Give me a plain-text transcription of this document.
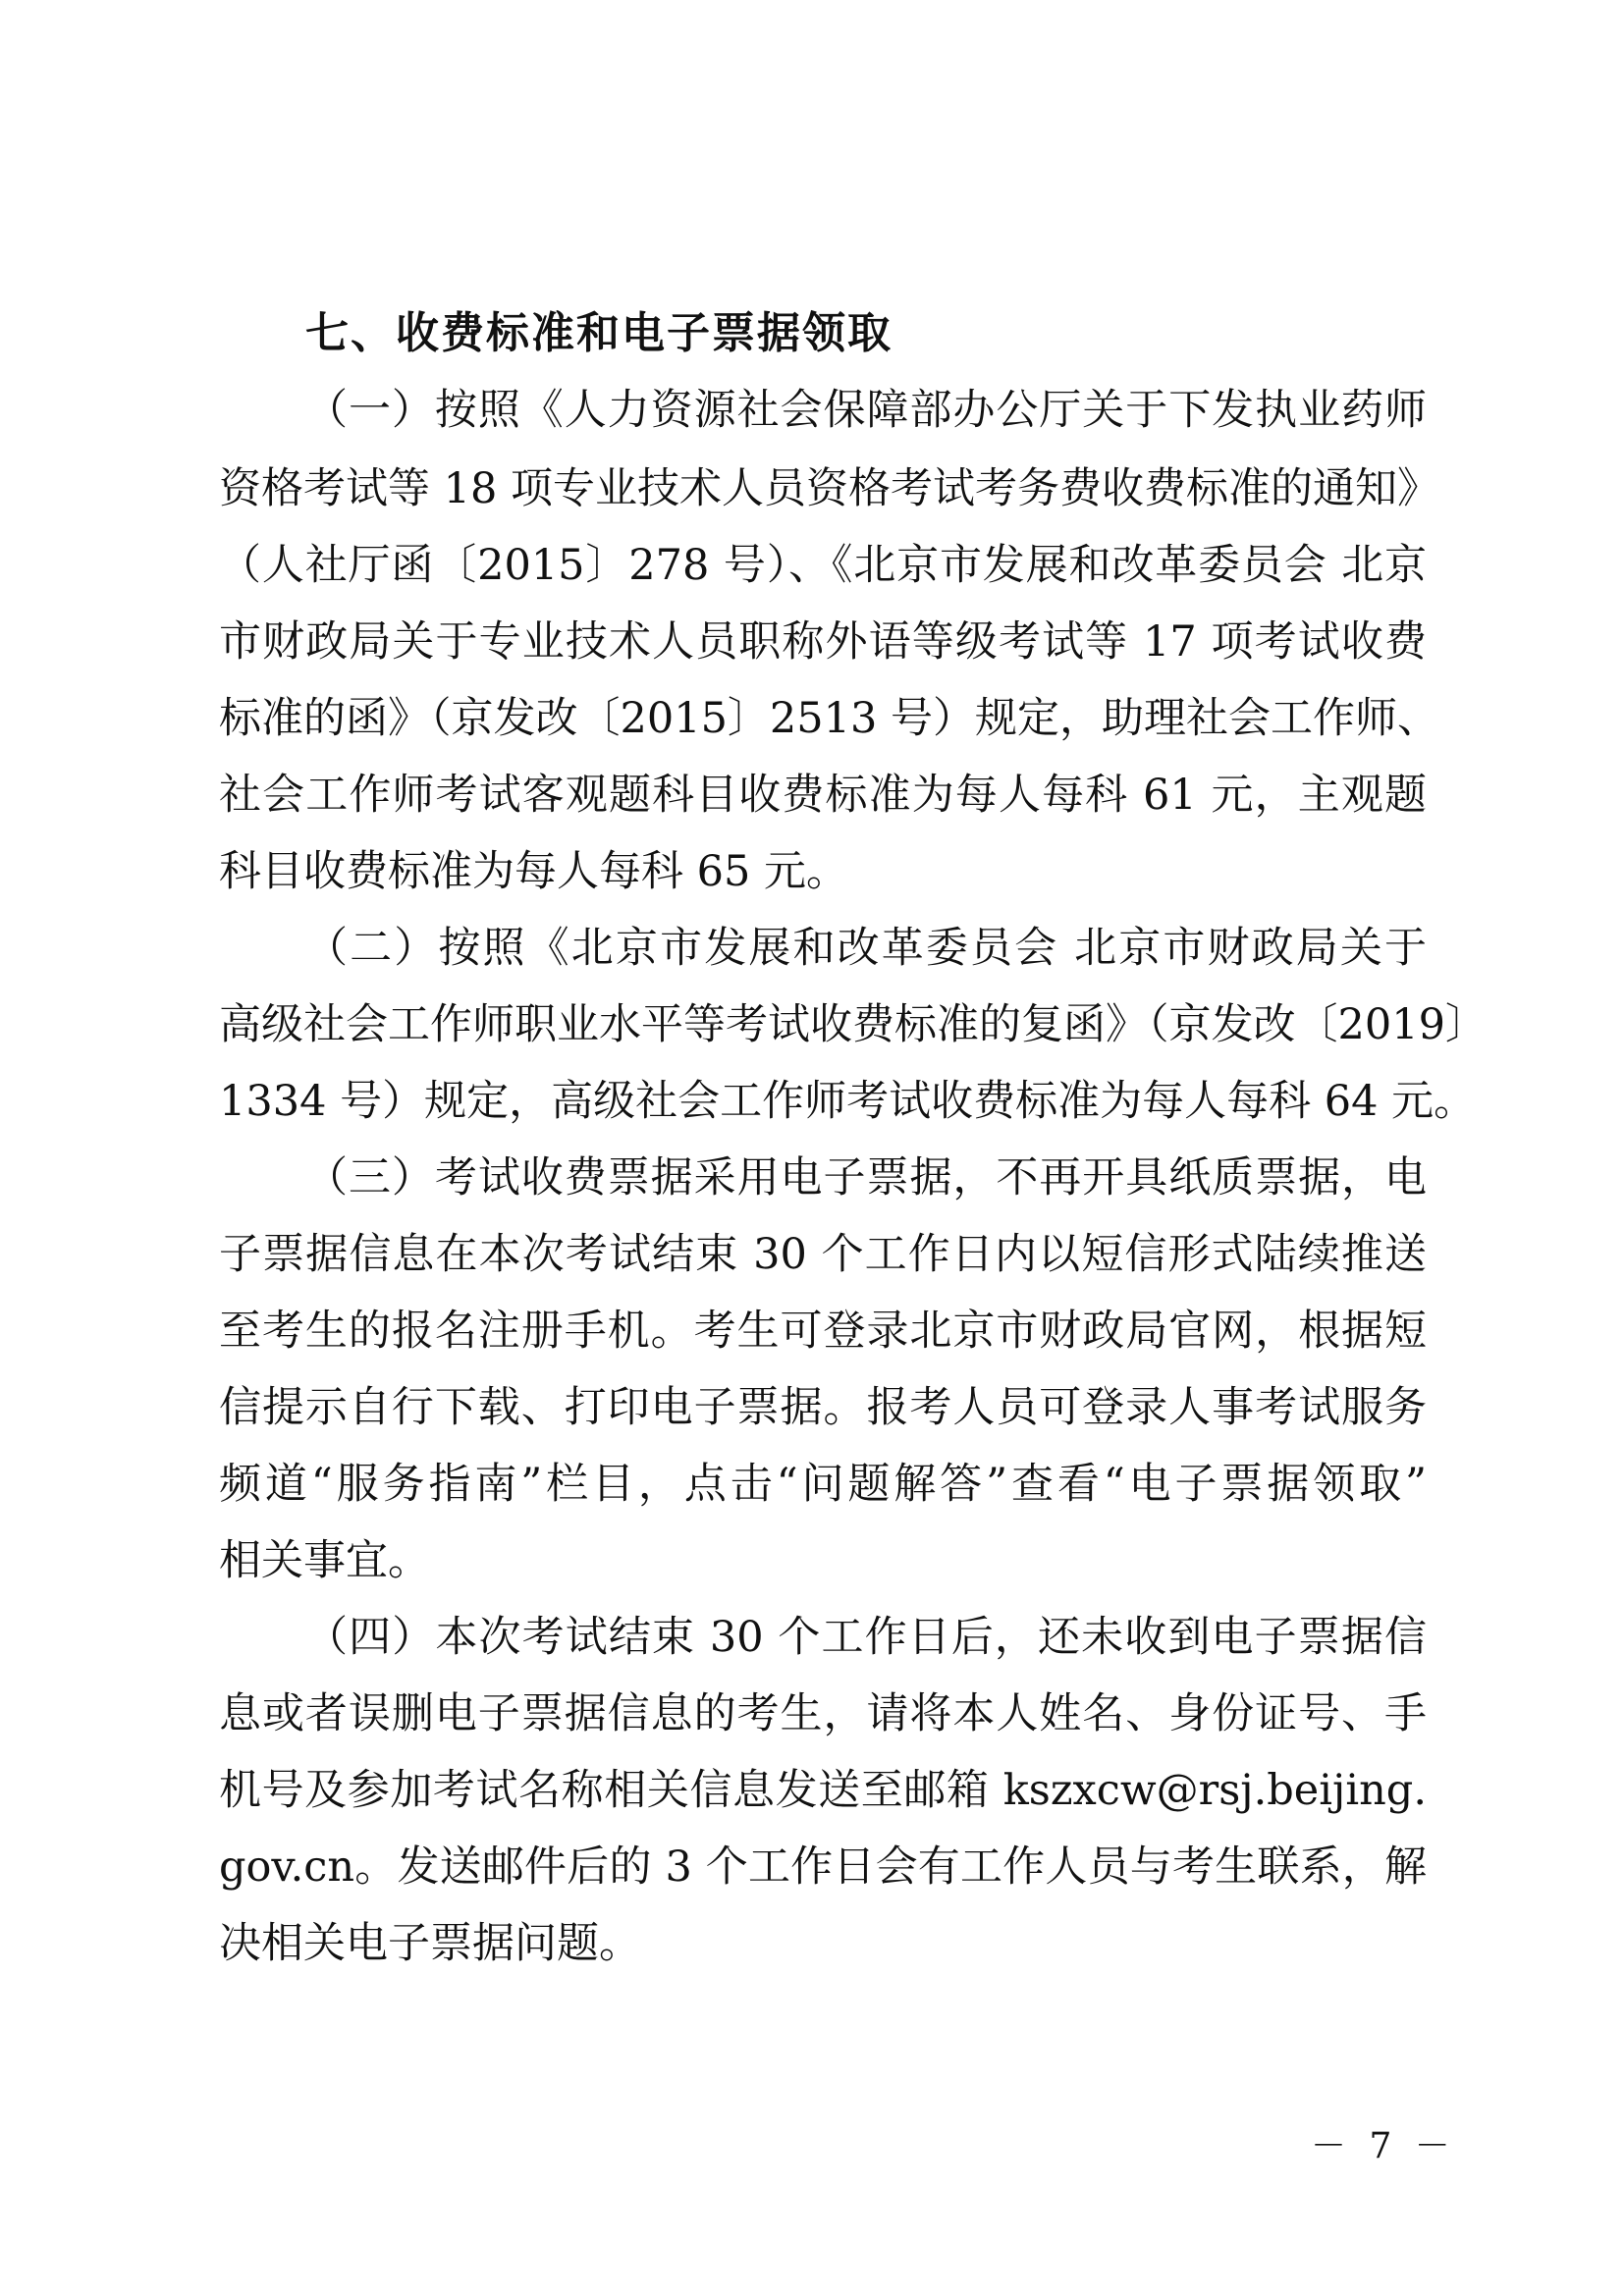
七、收费标准和电子票据领取
（一）按照《人力资源社会保障部办公厅关于下发执业药师
资格考试等 18 项专业技术人员资格考试考务费收费标准的通知》
（人社厅函〔2015〕278 号）、《北京市发展和改革委员会 北京
市财政局关于专业技术人员职称外语等级考试等 17 项考试收费
标准的函》（京发改〔2015〕2513 号）规定，助理社会工作师、
社会工作师考试客观题科目收费标准为每人每科 61 元，主观题
科目收费标准为每人每科 65 元。
（二）按照《北京市发展和改革委员会 北京市财政局关于
高级社会工作师职业水平等考试收费标准的复函》（京发改〔2019〕
1334 号）规定，高级社会工作师考试收费标准为每人每科 64 元。
（三）考试收费票据采用电子票据，不再开具纸质票据，电
子票据信息在本次考试结束 30 个工作日内以短信形式陆续推送
至考生的报名注册手机。考生可登录北京市财政局官网，根据短
信提示自行下载、打印电子票据。报考人员可登录人事考试服务
频道“服务指南”栏目，点击“问题解答”查看“电子票据领取”
相关事宜。
（四）本次考试结束 30 个工作日后，还未收到电子票据信
息或者误删电子票据信息的考生，请将本人姓名、身份证号、手
机号及参加考试名称相关信息发送至邮箱 kszxcw@rsj.beijing.
gov.cn。发送邮件后的 3 个工作日会有工作人员与考生联系，解
决相关电子票据问题。
－ 7 －
